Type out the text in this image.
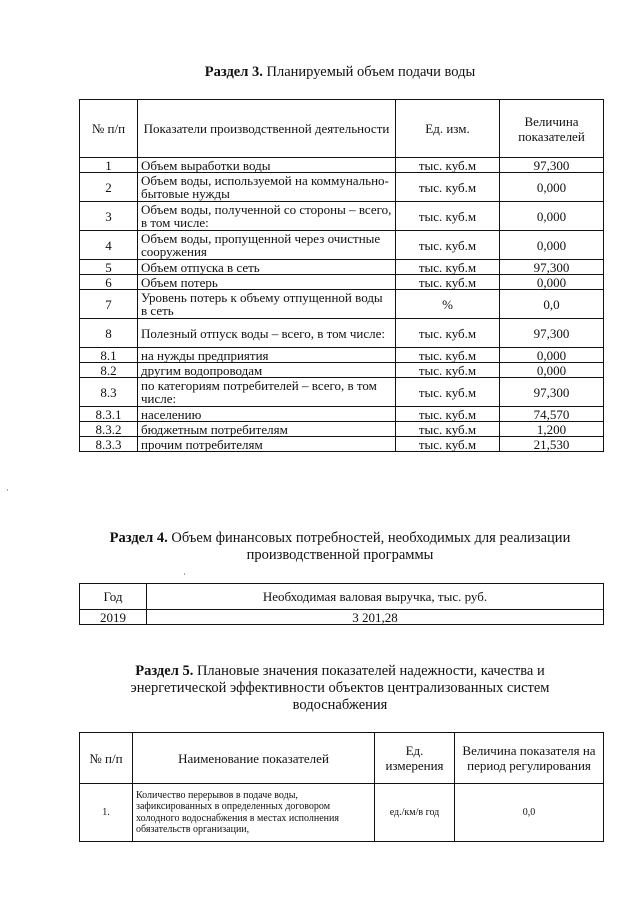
Раздел 3. Планируемый объем подачи воды
№ п/п	Показатели производственной деятельности	Ед. изм.	Величина показателей
1	Объем выработки воды	тыс. куб.м	97,300
2	Объем воды, используемой на коммунально-бытовые нужды	тыс. куб.м	0,000
3	Объем воды, полученной со стороны – всего, в том числе:	тыс. куб.м	0,000
4	Объем воды, пропущенной через очистные сооружения	тыс. куб.м	0,000
5	Объем отпуска в сеть	тыс. куб.м	97,300
6	Объем потерь	тыс. куб.м	0,000
7	Уровень потерь к объему отпущенной воды в сеть	%	0,0
8	Полезный отпуск воды – всего, в том числе:	тыс. куб.м	97,300
8.1	на нужды предприятия	тыс. куб.м	0,000
8.2	другим водопроводам	тыс. куб.м	0,000
8.3	по категориям потребителей – всего, в том числе:	тыс. куб.м	97,300
8.3.1	населению	тыс. куб.м	74,570
8.3.2	бюджетным потребителям	тыс. куб.м	1,200
8.3.3	прочим потребителям	тыс. куб.м	21,530
Раздел 4. Объем финансовых потребностей, необходимых для реализации
производственной программы
Год	Необходимая валовая выручка, тыс. руб.
2019	3 201,28
Раздел 5. Плановые значения показателей надежности, качества и
энергетической эффективности объектов централизованных систем
водоснабжения
№ п/п	Наименование показателей	Ед. измерения	Величина показателя на период регулирования
1.	Количество перерывов в подаче воды, зафиксированных в определенных договором холодного водоснабжения в местах исполнения обязательств организации,	ед./км/в год	0,0
·
·
